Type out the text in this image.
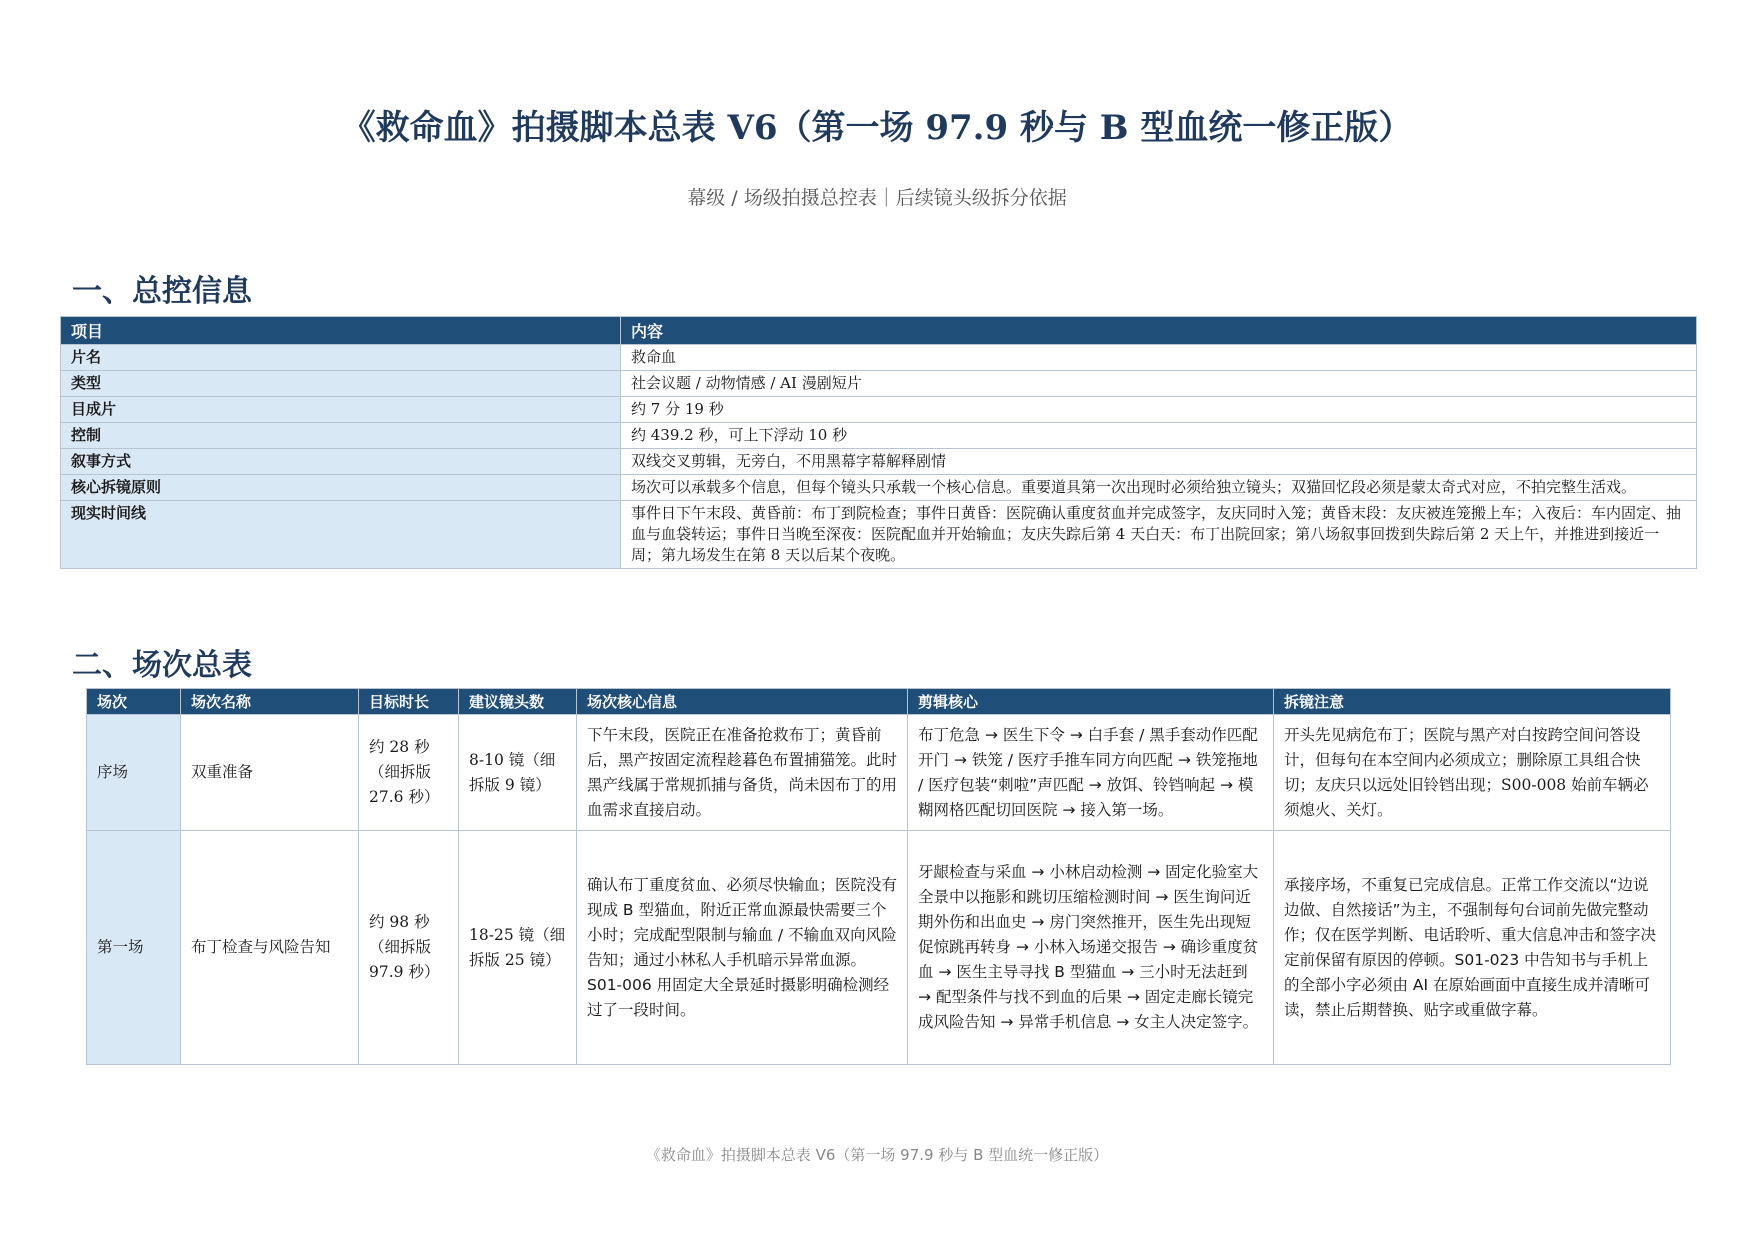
《救命血》拍摄脚本总表 V6（第一场 97.9 秒与 B 型血统一修正版）
幕级 / 场级拍摄总控表｜后续镜头级拆分依据
一、总控信息
项目	内容
片名	救命血
类型	社会议题 / 动物情感 / AI 漫剧短片
目成片	约 7 分 19 秒
控制	约 439.2 秒，可上下浮动 10 秒
叙事方式	双线交叉剪辑，无旁白，不用黑幕字幕解释剧情
核心拆镜原则	场次可以承载多个信息，但每个镜头只承载一个核心信息。重要道具第一次出现时必须给独立镜头；双猫回忆段必须是蒙太奇式对应，不拍完整生活戏。
现实时间线	事件日下午末段、黄昏前：布丁到院检查；事件日黄昏：医院确认重度贫血并完成签字，友庆同时入笼；黄昏末段：友庆被连笼搬上车；入夜后：车内固定、抽血与血袋转运；事件日当晚至深夜：医院配血并开始输血；友庆失踪后第 4 天白天：布丁出院回家；第八场叙事回拨到失踪后第 2 天上午，并推进到接近一周；第九场发生在第 8 天以后某个夜晚。
二、场次总表
场次	场次名称	目标时长	建议镜头数	场次核心信息	剪辑核心	拆镜注意
序场	双重准备	约 28 秒（细拆版 27.6 秒）	8-10 镜（细拆版 9 镜）	下午末段，医院正在准备抢救布丁；黄昏前后，黑产按固定流程趁暮色布置捕猫笼。此时黑产线属于常规抓捕与备货，尚未因布丁的用血需求直接启动。	布丁危急 → 医生下令 → 白手套 / 黑手套动作匹配开门 → 铁笼 / 医疗手推车同方向匹配 → 铁笼拖地 / 医疗包装“刺啦”声匹配 → 放饵、铃铛响起 → 模糊网格匹配切回医院 → 接入第一场。	开头先见病危布丁；医院与黑产对白按跨空间问答设计，但每句在本空间内必须成立；删除原工具组合快切；友庆只以远处旧铃铛出现；S00-008 始前车辆必须熄火、关灯。
第一场	布丁检查与风险告知	约 98 秒（细拆版 97.9 秒）	18-25 镜（细拆版 25 镜）	确认布丁重度贫血、必须尽快输血；医院没有现成 B 型猫血，附近正常血源最快需要三个小时；完成配型限制与输血 / 不输血双向风险告知；通过小林私人手机暗示异常血源。S01-006 用固定大全景延时摄影明确检测经过了一段时间。	牙龈检查与采血 → 小林启动检测 → 固定化验室大全景中以拖影和跳切压缩检测时间 → 医生询问近期外伤和出血史 → 房门突然推开，医生先出现短促惊跳再转身 → 小林入场递交报告 → 确诊重度贫血 → 医生主导寻找 B 型猫血 → 三小时无法赶到 → 配型条件与找不到血的后果 → 固定走廊长镜完成风险告知 → 异常手机信息 → 女主人决定签字。	承接序场，不重复已完成信息。正常工作交流以“边说边做、自然接话”为主，不强制每句台词前先做完整动作；仅在医学判断、电话聆听、重大信息冲击和签字决定前保留有原因的停顿。S01-023 中告知书与手机上的全部小字必须由 AI 在原始画面中直接生成并清晰可读，禁止后期替换、贴字或重做字幕。
《救命血》拍摄脚本总表 V6（第一场 97.9 秒与 B 型血统一修正版）
